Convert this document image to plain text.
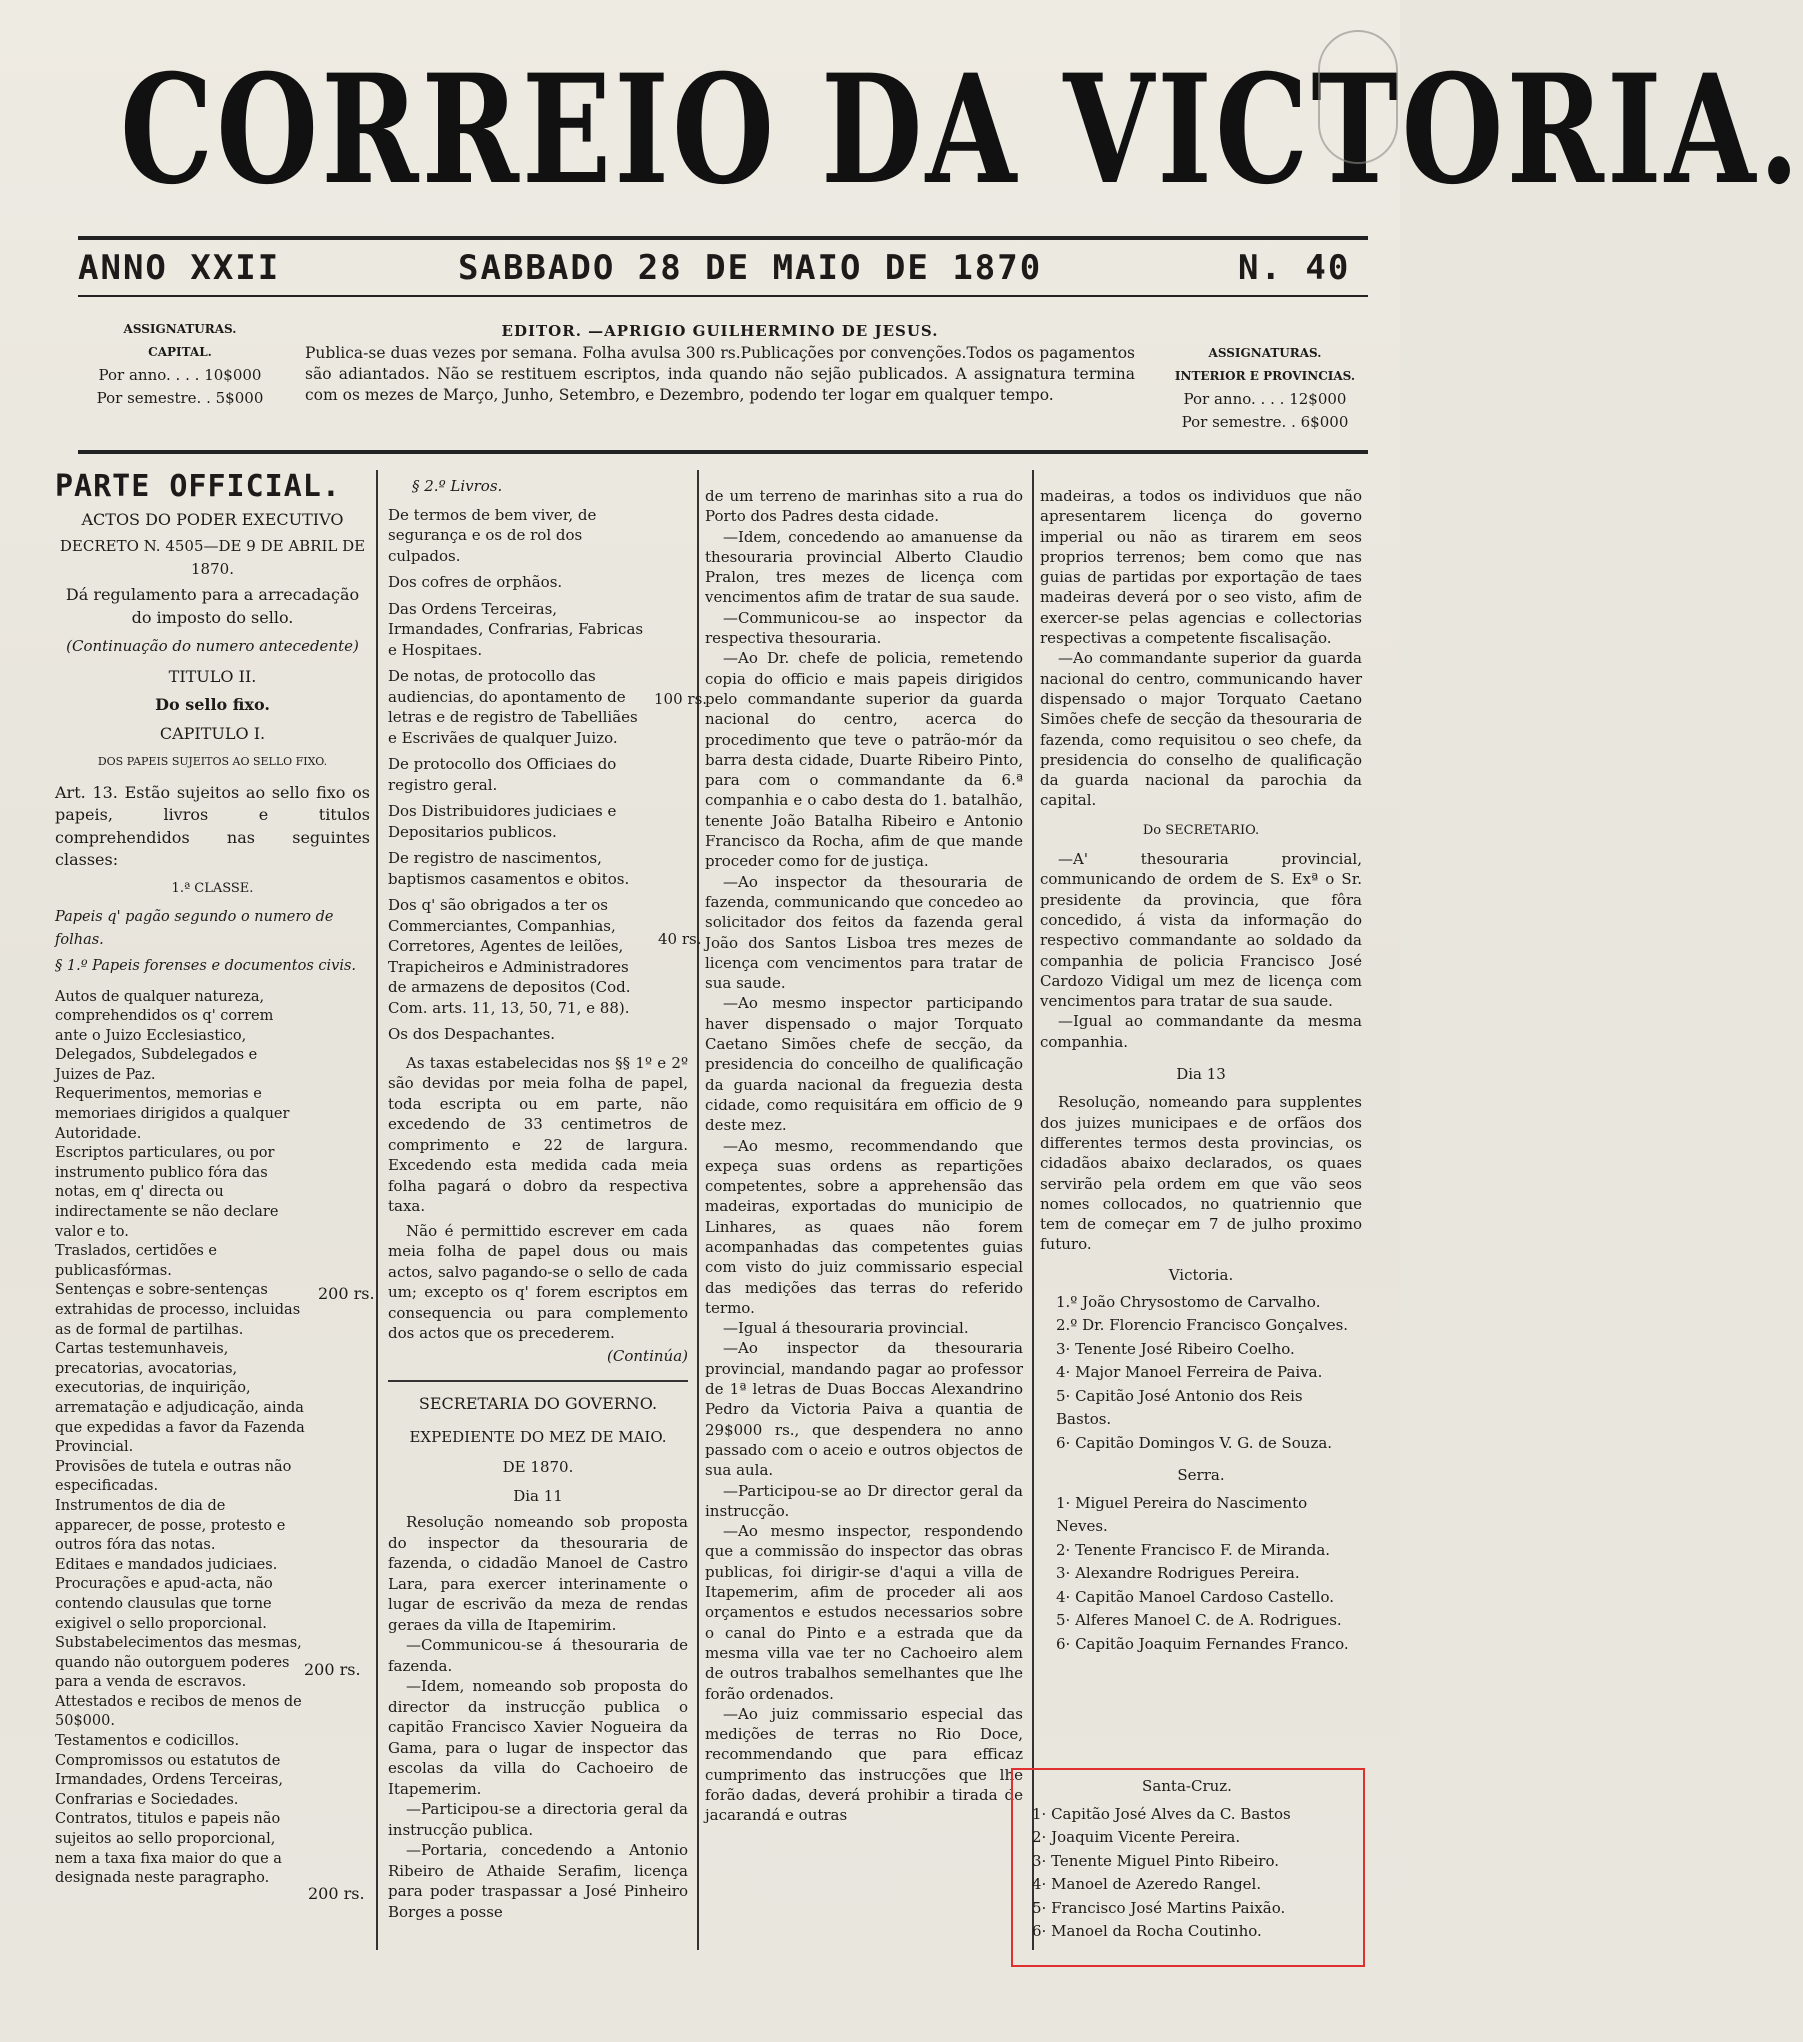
CORREIO DA VICTORIA.
ANNO XXII	SABBADO 28 DE MAIO DE 1870	N. 40
ASSIGNATURAS.
CAPITAL.
Por anno. . . . 10$000
Por semestre. . 5$000
EDITOR. —APRIGIO GUILHERMINO DE JESUS.
Publica-se duas vezes por semana. Folha avulsa 300 rs.Publicações por convenções.Todos os pagamentos são adiantados. Não se restituem escriptos, inda quando não sejão publicados. A assignatura termina com os mezes de Março, Junho, Setembro, e Dezembro, podendo ter logar em qualquer tempo.
ASSIGNATURAS.
INTERIOR E PROVINCIAS.
Por anno. . . . 12$000
Por semestre. . 6$000

PARTE OFFICIAL.

ACTOS DO PODER EXECUTIVO

DECRETO N. 4505—DE 9 DE ABRIL DE 1870.

Dá regulamento para a arrecadação do imposto do sello.

(Continuação do numero antecedente)

TITULO II.

Do sello fixo.

CAPITULO I.

DOS PAPEIS SUJEITOS AO SELLO FIXO.

Art. 13. Estão sujeitos ao sello fixo os papeis, livros e titulos comprehendidos nas seguintes classes:

1.ª CLASSE.

Papeis q' pagão segundo o numero de folhas.

§ 1.º Papeis forenses e documentos civis.

Autos de qualquer natureza, comprehendidos os q' correm ante o Juizo Ecclesiastico, Delegados, Subdelegados e Juizes de Paz.

Requerimentos, memorias e memoriaes dirigidos a qualquer Autoridade.

Escriptos particulares, ou por instrumento publico fóra das notas, em q' directa ou indirectamente se não declare valor e to.

Traslados, certidões e publicasfórmas.

Sentenças e sobre-sentenças extrahidas de processo, incluidas as de formal de partilhas.

Cartas testemunhaveis, precatorias, avocatorias, executorias, de inquirição, arrematação e adjudicação, ainda que expedidas a favor da Fazenda Provincial.

Provisões de tutela e outras não especificadas.

Instrumentos de dia de apparecer, de posse, protesto e outros fóra das notas.

Editaes e mandados judiciaes.

Procurações e apud-acta, não contendo clausulas que torne exigivel o sello proporcional.

Substabelecimentos das mesmas, quando não outorguem poderes para a venda de escravos.

Attestados e recibos de menos de 50$000.

Testamentos e codicillos.

Compromissos ou estatutos de Irmandades, Ordens Terceiras, Confrarias e Sociedades.

Contratos, titulos e papeis não sujeitos ao sello proporcional, nem a taxa fixa maior do que a designada neste paragrapho.

200 rs.
200 rs.
200 rs.

§ 2.º Livros.

De termos de bem viver, de segurança e os de rol dos culpados.

Dos cofres de orphãos.

Das Ordens Terceiras, Irmandades, Confrarias, Fabricas e Hospitaes.

De notas, de protocollo das audiencias, do apontamento de letras e de registro de Tabelliães e Escrivães de qualquer Juizo.

De protocollo dos Officiaes do registro geral.

Dos Distribuidores judiciaes e Depositarios publicos.

De registro de nascimentos, baptismos casamentos e obitos.

Dos q' são obrigados a ter os Commerciantes, Companhias, Corretores, Agentes de leilões, Trapicheiros e Administradores de armazens de depositos (Cod. Com. arts. 11, 13, 50, 71, e 88).

Os dos Despachantes.

As taxas estabelecidas nos §§ 1º e 2º são devidas por meia folha de papel, toda escripta ou em parte, não excedendo de 33 centimetros de comprimento e 22 de largura. Excedendo esta medida cada meia folha pagará o dobro da respectiva taxa.

Não é permittido escrever em cada meia folha de papel dous ou mais actos, salvo pagando-se o sello de cada um; excepto os q' forem escriptos em consequencia ou para complemento dos actos que os precederem.

(Continúa)

SECRETARIA DO GOVERNO.

EXPEDIENTE DO MEZ DE MAIO.

DE 1870.

Dia 11

Resolução nomeando sob proposta do inspector da thesouraria de fazenda, o cidadão Manoel de Castro Lara, para exercer interinamente o lugar de escrivão da meza de rendas geraes da villa de Itapemirim.

—Communicou-se á thesouraria de fazenda.

—Idem, nomeando sob proposta do director da instrucção publica o capitão Francisco Xavier Nogueira da Gama, para o lugar de inspector das escolas da villa do Cachoeiro de Itapemerim.

—Participou-se a directoria geral da instrucção publica.

—Portaria, concedendo a Antonio Ribeiro de Athaide Serafim, licença para poder traspassar a José Pinheiro Borges a posse

100 rs.
40 rs.

de um terreno de marinhas sito a rua do Porto dos Padres desta cidade.

—Idem, concedendo ao amanuense da thesouraria provincial Alberto Claudio Pralon, tres mezes de licença com vencimentos afim de tratar de sua saude.

—Communicou-se ao inspector da respectiva thesouraria.

—Ao Dr. chefe de policia, remetendo copia do officio e mais papeis dirigidos pelo commandante superior da guarda nacional do centro, acerca do procedimento que teve o patrão-mór da barra desta cidade, Duarte Ribeiro Pinto, para com o commandante da 6.ª companhia e o cabo desta do 1. batalhão, tenente João Batalha Ribeiro e Antonio Francisco da Rocha, afim de que mande proceder como for de justiça.

—Ao inspector da thesouraria de fazenda, communicando que concedeo ao solicitador dos feitos da fazenda geral João dos Santos Lisboa tres mezes de licença com vencimentos para tratar de sua saude.

—Ao mesmo inspector participando haver dispensado o major Torquato Caetano Simões chefe de secção, da presidencia do conceilho de qualificação da guarda nacional da freguezia desta cidade, como requisitára em officio de 9 deste mez.

—Ao mesmo, recommendando que expeça suas ordens as repartições competentes, sobre a apprehensão das madeiras, exportadas do municipio de Linhares, as quaes não forem acompanhadas das competentes guias com visto do juiz commissario especial das medições das terras do referido termo.

—Igual á thesouraria provincial.

—Ao inspector da thesouraria provincial, mandando pagar ao professor de 1ª letras de Duas Boccas Alexandrino Pedro da Victoria Paiva a quantia de 29$000 rs., que despendera no anno passado com o aceio e outros objectos de sua aula.

—Participou-se ao Dr director geral da instrucção.

—Ao mesmo inspector, respondendo que a commissão do inspector das obras publicas, foi dirigir-se d'aqui a villa de Itapemerim, afim de proceder ali aos orçamentos e estudos necessarios sobre o canal do Pinto e a estrada que da mesma villa vae ter no Cachoeiro alem de outros trabalhos semelhantes que lhe forão ordenados.

—Ao juiz commissario especial das medições de terras no Rio Doce, recommendando que para efficaz cumprimento das instrucções que lhe forão dadas, deverá prohibir a tirada de jacarandá e outras

madeiras, a todos os individuos que não apresentarem licença do governo imperial ou não as tirarem em seos proprios terrenos; bem como que nas guias de partidas por exportação de taes madeiras deverá por o seo visto, afim de exercer-se pelas agencias e collectorias respectivas a competente fiscalisação.

—Ao commandante superior da guarda nacional do centro, communicando haver dispensado o major Torquato Caetano Simões chefe de secção da thesouraria de fazenda, como requisitou o seo chefe, da presidencia do conselho de qualificação da guarda nacional da parochia da capital.

Do SECRETARIO.

—A' thesouraria provincial, communicando de ordem de S. Exª o Sr. presidente da provincia, que fôra concedido, á vista da informação do respectivo commandante ao soldado da companhia de policia Francisco José Cardozo Vidigal um mez de licença com vencimentos para tratar de sua saude.

—Igual ao commandante da mesma companhia.

Dia 13

Resolução, nomeando para supplentes dos juizes municipaes e de orfãos dos differentes termos desta provincias, os cidadãos abaixo declarados, os quaes servirão pela ordem em que vão seos nomes collocados, no quatriennio que tem de começar em 7 de julho proximo futuro.

Victoria.

1.º João Chrysostomo de Carvalho.

2.º Dr. Florencio Francisco Gonçalves.

3· Tenente José Ribeiro Coelho.

4· Major Manoel Ferreira de Paiva.

5· Capitão José Antonio dos Reis Bastos.

6· Capitão Domingos V. G. de Souza.

Serra.

1· Miguel Pereira do Nascimento Neves.

2· Tenente Francisco F. de Miranda.

3· Alexandre Rodrigues Pereira.

4· Capitão Manoel Cardoso Castello.

5· Alferes Manoel C. de A. Rodrigues.

6· Capitão Joaquim Fernandes Franco.

Santa-Cruz.

1· Capitão José Alves da C. Bastos

2· Joaquim Vicente Pereira.

3· Tenente Miguel Pinto Ribeiro.

4· Manoel de Azeredo Rangel.

5· Francisco José Martins Paixão.

6· Manoel da Rocha Coutinho.
